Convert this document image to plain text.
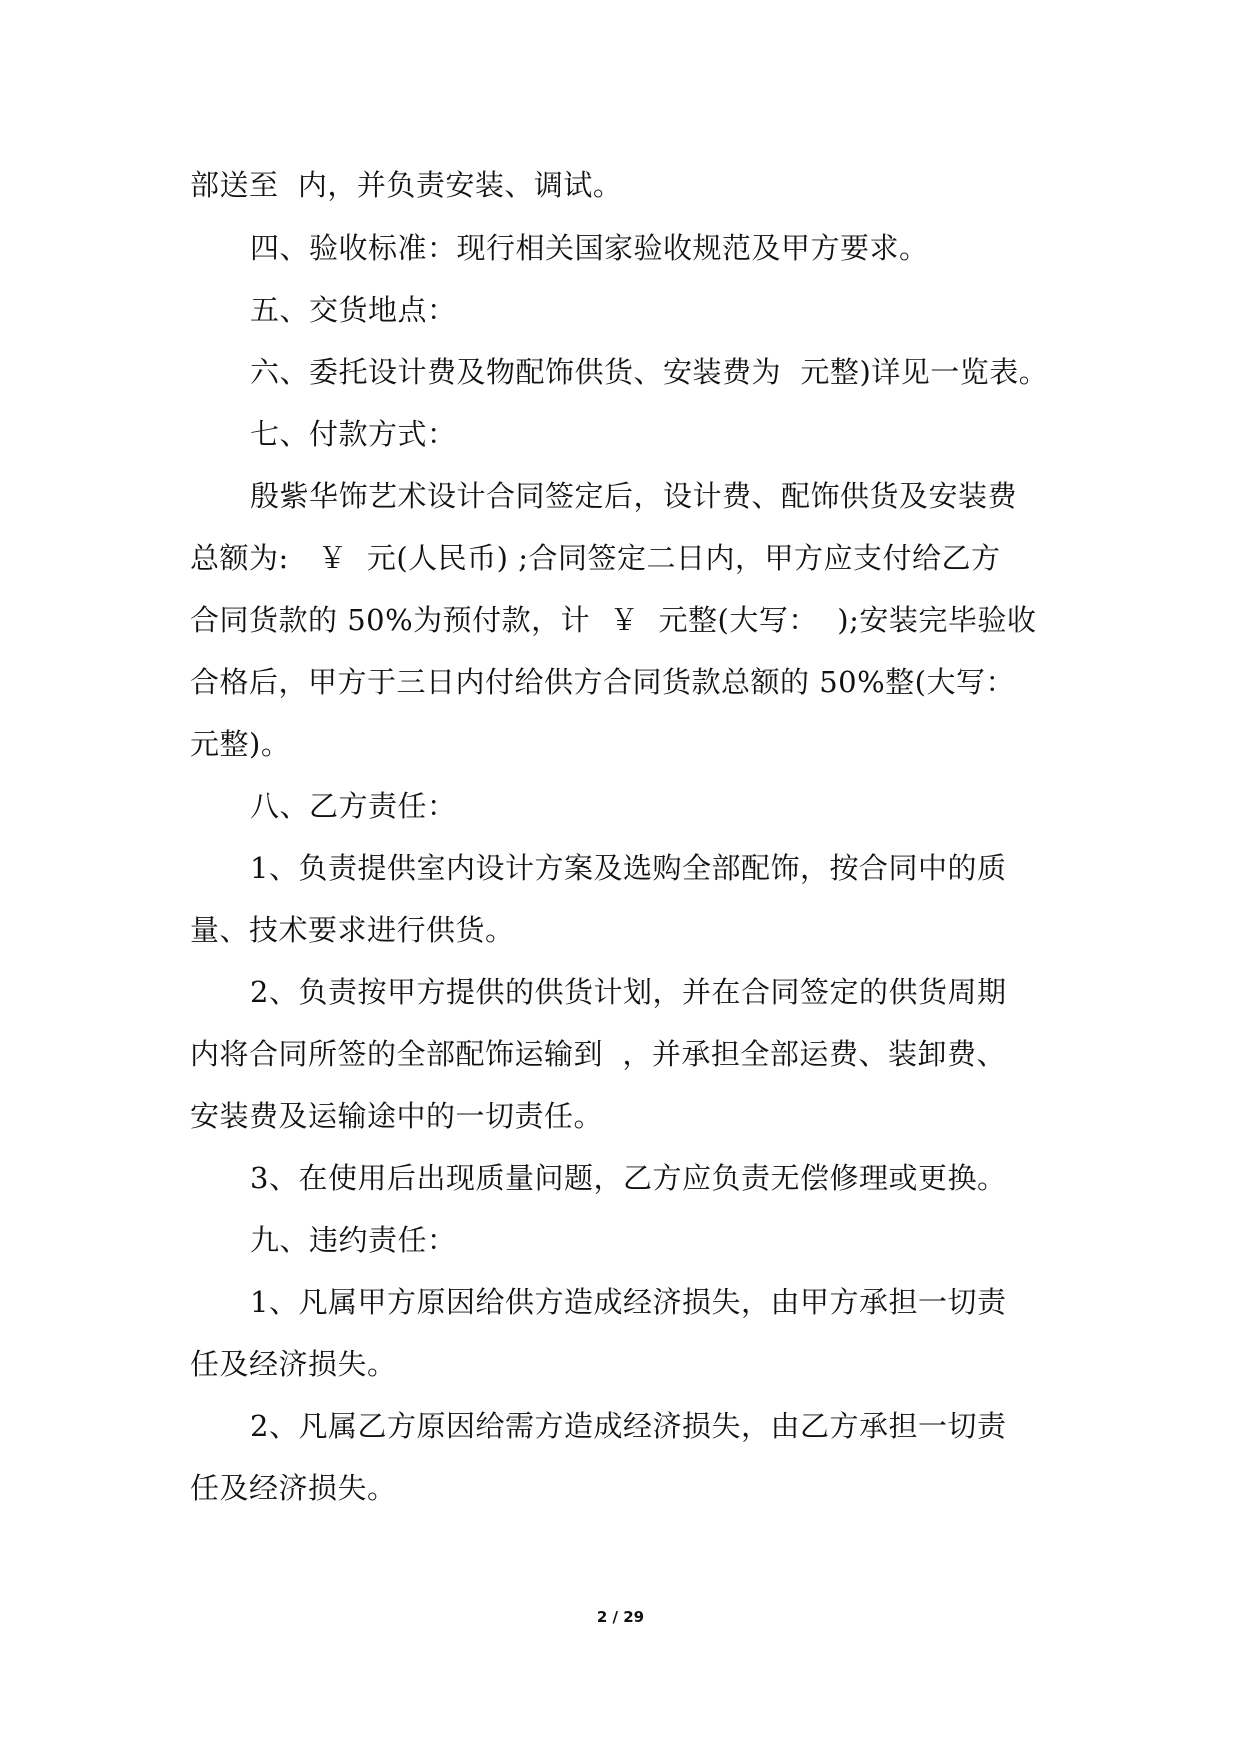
部送至  内，并负责安装、调试。
四、验收标准：现行相关国家验收规范及甲方要求。
五、交货地点：
六、委托设计费及物配饰供货、安装费为  元整)详见一览表。
七、付款方式：
殷紫华饰艺术设计合同签定后，设计费、配饰供货及安装费
总额为:   ￥  元(人民币) ;合同签定二日内，甲方应支付给乙方
合同货款的 50%为预付款，计  ￥  元整(大写：  );安装完毕验收
合格后，甲方于三日内付给供方合同货款总额的 50%整(大写：
元整)。
八、乙方责任：
1、负责提供室内设计方案及选购全部配饰，按合同中的质
量、技术要求进行供货。
2、负责按甲方提供的供货计划，并在合同签定的供货周期
内将合同所签的全部配饰运输到  ，并承担全部运费、装卸费、
安装费及运输途中的一切责任。
3、在使用后出现质量问题，乙方应负责无偿修理或更换。
九、违约责任：
1、凡属甲方原因给供方造成经济损失，由甲方承担一切责
任及经济损失。
2、凡属乙方原因给需方造成经济损失，由乙方承担一切责
任及经济损失。
2 / 29
